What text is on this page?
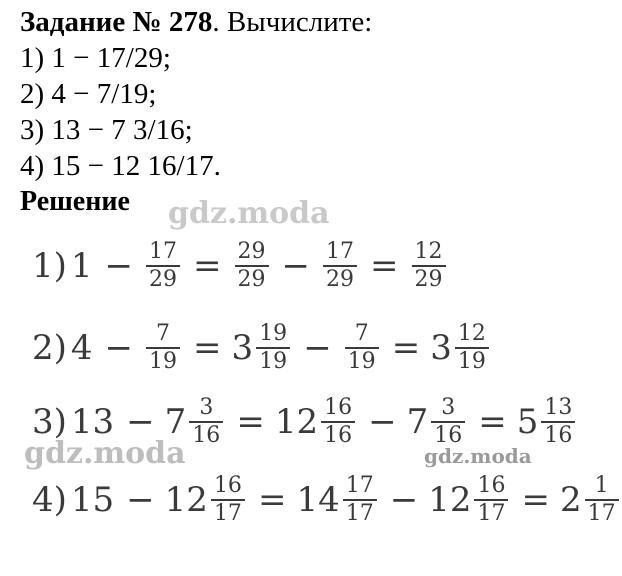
Задание № 278. Вычислите:
1) 1 − 17/29;
2) 4 − 7/19;
3) 13 − 7 3/16;
4) 15 − 12 16/17.
Решение
1) $1 - \frac{17}{29} = \frac{29}{29} - \frac{17}{29} = \frac{12}{29}$
2) $4 - \frac{7}{19} = 3 \frac{19}{19} - \frac{7}{19} = 3 \frac{12}{19}$
3) $13 - 7 \frac{3}{16} = 12 \frac{16}{16} - 7 \frac{3}{16} = 5 \frac{13}{16}$
4) $15 - 12 \frac{16}{17} = 14 \frac{17}{17} - 12 \frac{16}{17} = 2 \frac{1}{17}$
gdz.moda
gdz.moda	gdz.moda
